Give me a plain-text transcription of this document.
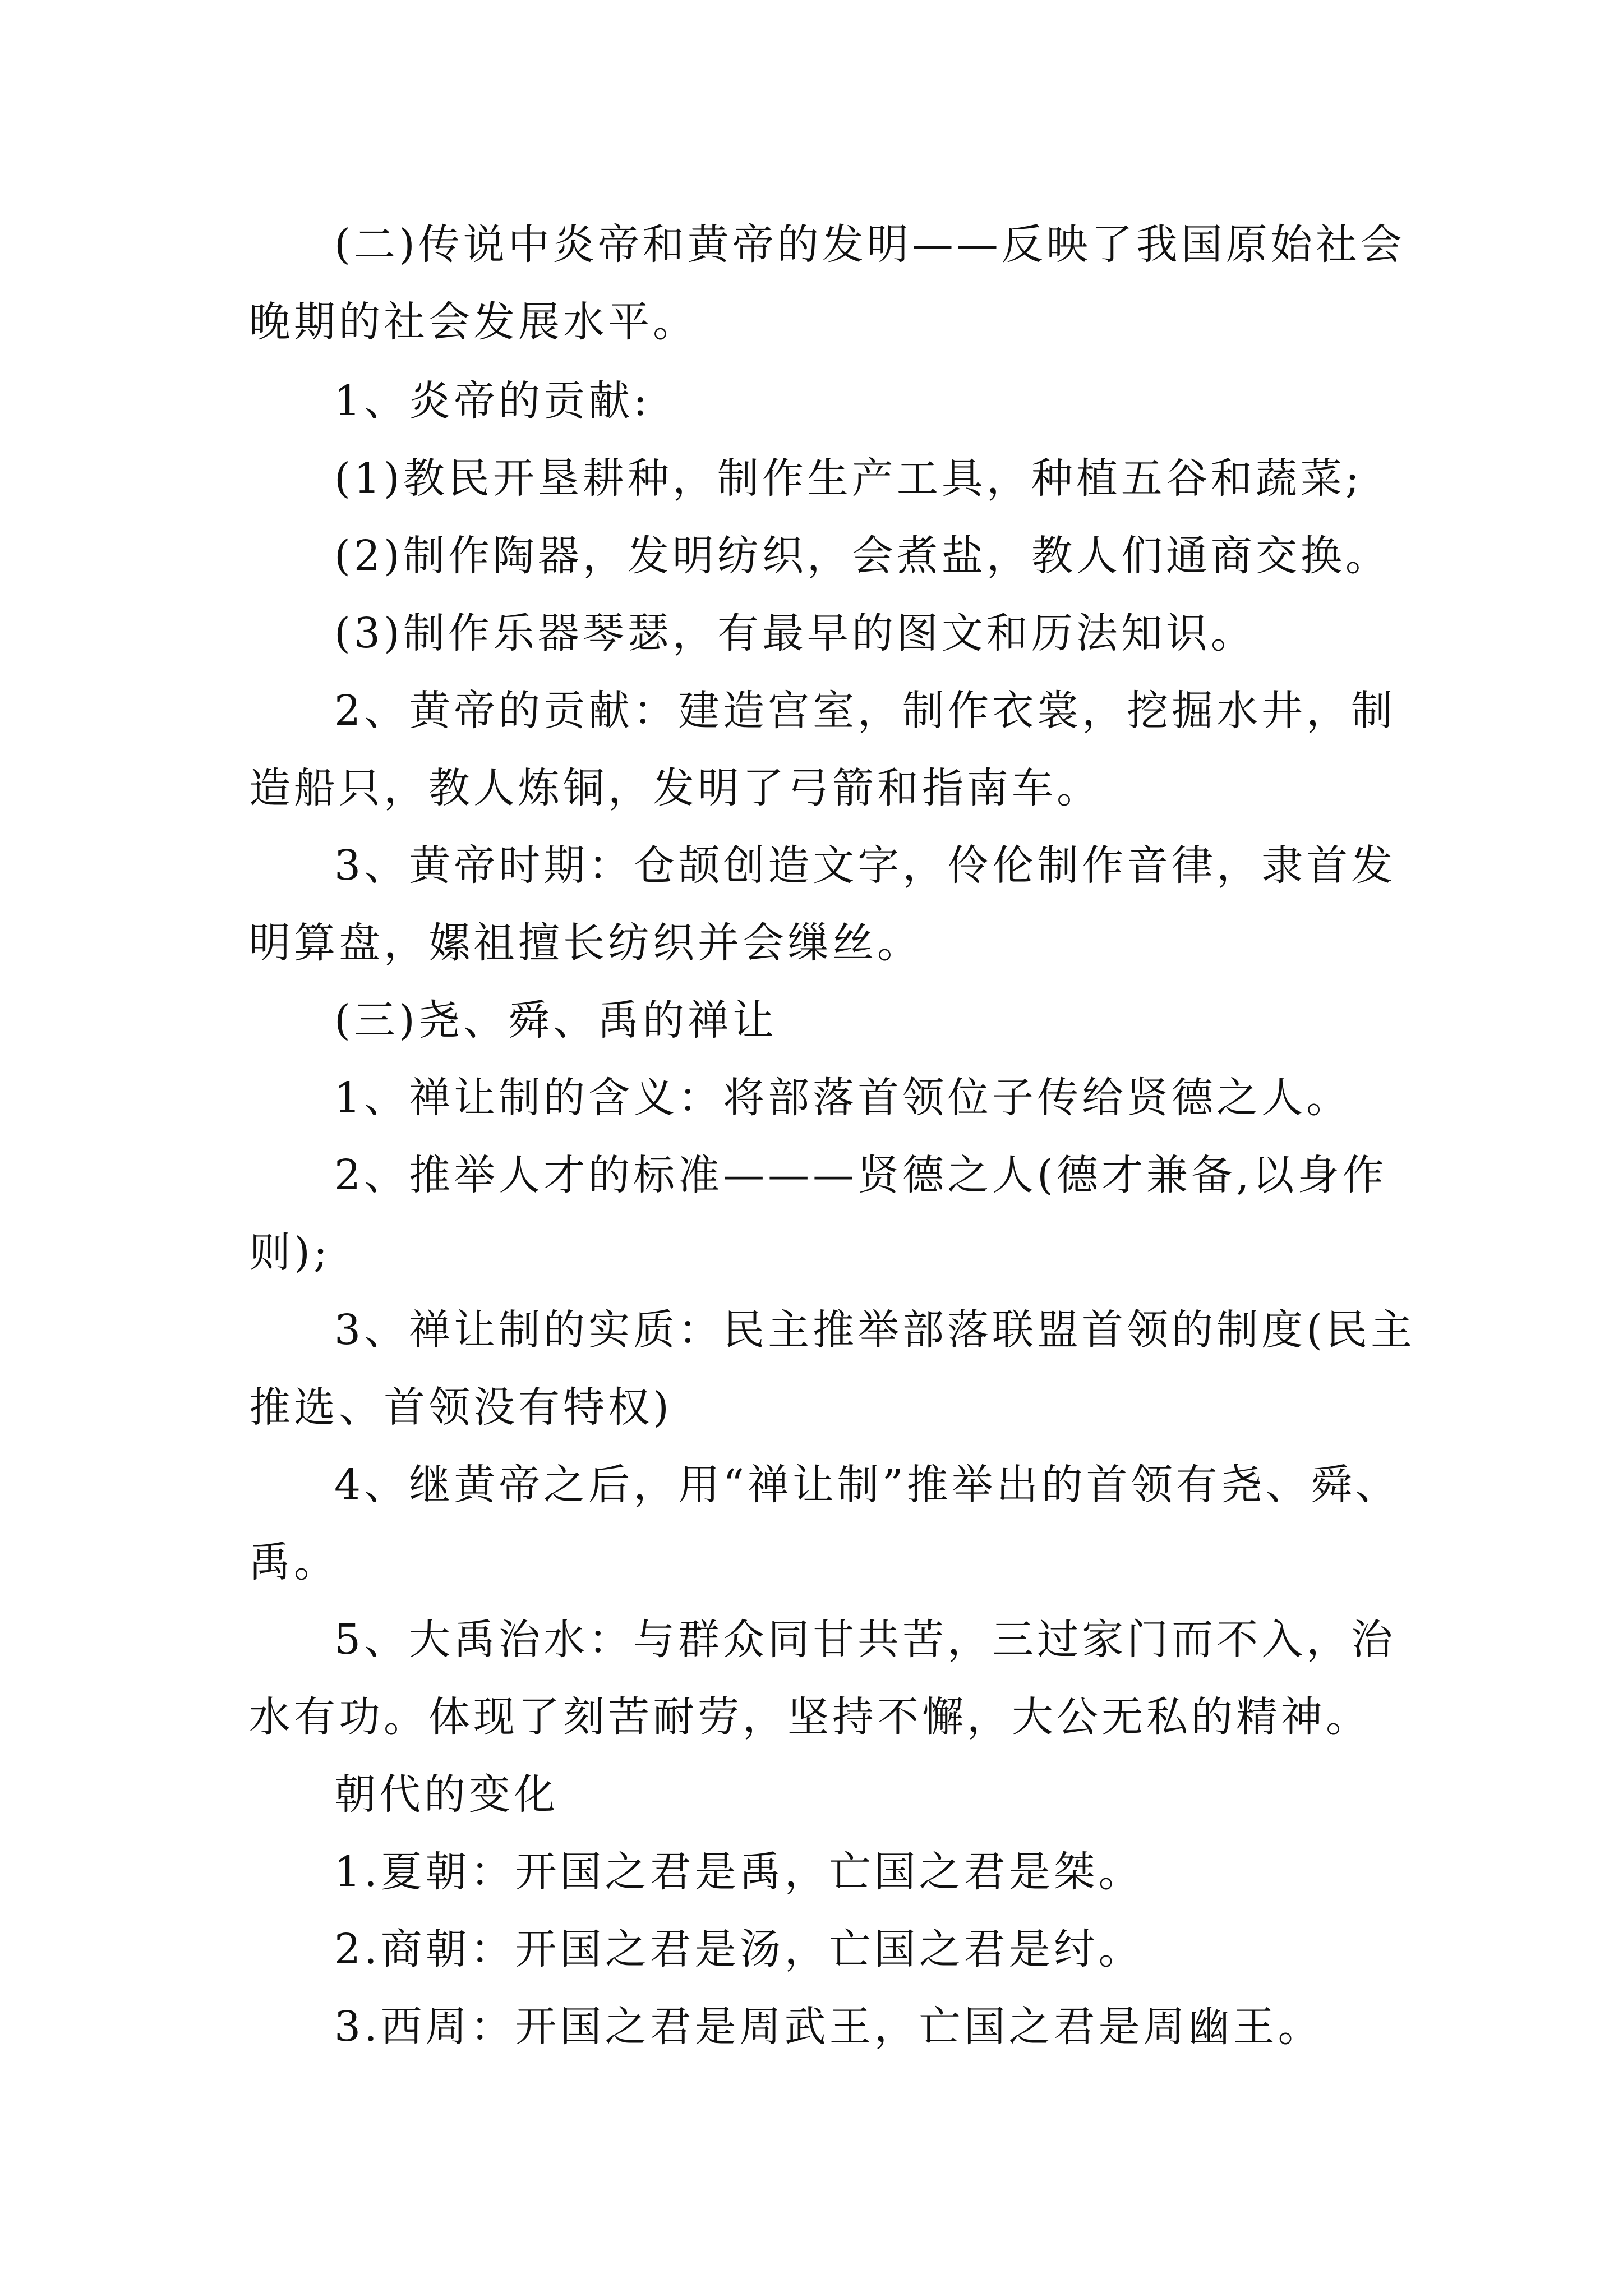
(二)传说中炎帝和黄帝的发明——反映了我国原始社会
晚期的社会发展水平。
1、炎帝的贡献:
(1)教民开垦耕种，制作生产工具，种植五谷和蔬菜;
(2)制作陶器，发明纺织，会煮盐，教人们通商交换。
(3)制作乐器琴瑟，有最早的图文和历法知识。
2、黄帝的贡献：建造宫室，制作衣裳，挖掘水井，制
造船只，教人炼铜，发明了弓箭和指南车。
3、黄帝时期：仓颉创造文字，伶伦制作音律，隶首发
明算盘，嫘祖擅长纺织并会缫丝。
(三)尧、舜、禹的禅让
1、禅让制的含义：将部落首领位子传给贤德之人。
2、推举人才的标准———贤德之人(德才兼备,以身作
则);
3、禅让制的实质：民主推举部落联盟首领的制度(民主
推选、首领没有特权)
4、继黄帝之后，用“禅让制”推举出的首领有尧、舜、
禹。
5、大禹治水：与群众同甘共苦，三过家门而不入，治
水有功。体现了刻苦耐劳，坚持不懈，大公无私的精神。
朝代的变化
1.夏朝：开国之君是禹，亡国之君是桀。
2.商朝：开国之君是汤，亡国之君是纣。
3.西周：开国之君是周武王，亡国之君是周幽王。
